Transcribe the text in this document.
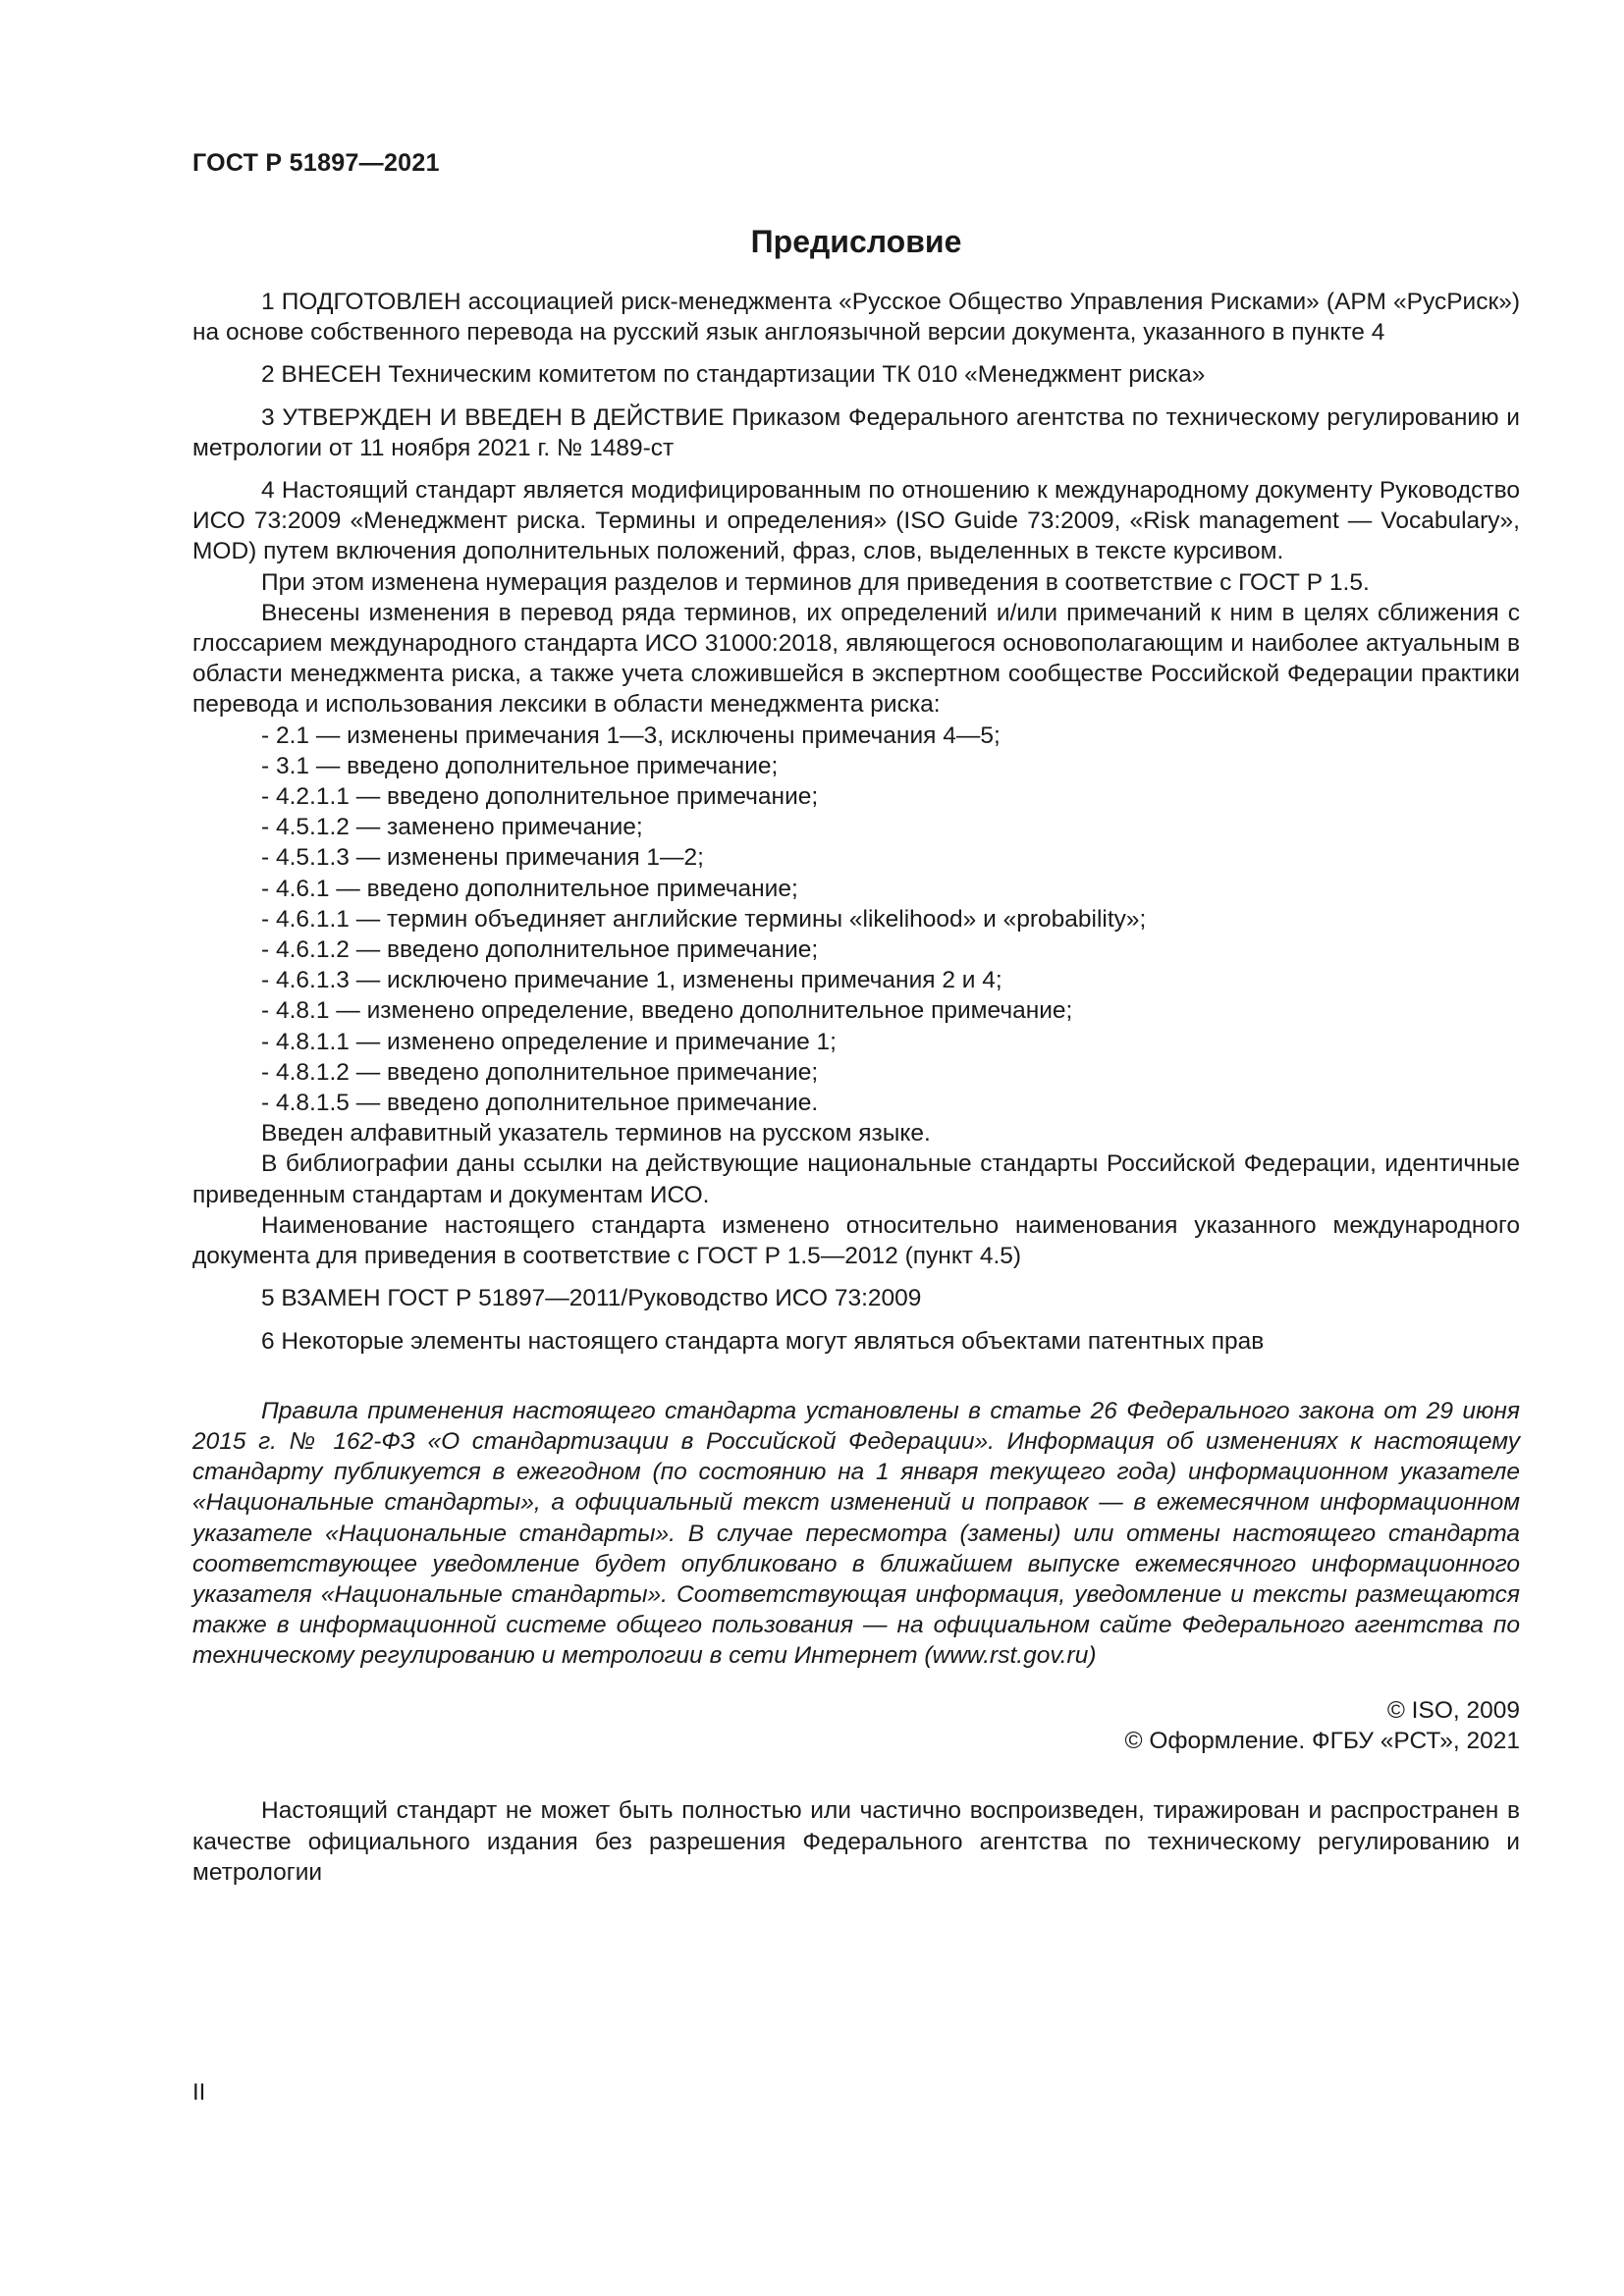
ГОСТ Р 51897—2021
Предисловие

1 ПОДГОТОВЛЕН ассоциацией риск-менеджмента «Русское Общество Управления Рисками» (АРМ «РусРиск») на основе собственного перевода на русский язык англоязычной версии документа, указанного в пункте 4

2 ВНЕСЕН Техническим комитетом по стандартизации ТК 010 «Менеджмент риска»

3 УТВЕРЖДЕН И ВВЕДЕН В ДЕЙСТВИЕ Приказом Федерального агентства по техническому регулированию и метрологии от 11 ноября 2021 г. № 1489-ст

4 Настоящий стандарт является модифицированным по отношению к международному документу Руководство ИСО 73:2009 «Менеджмент риска. Термины и определения» (ISO Guide 73:2009, «Risk management — Vocabulary», MOD) путем включения дополнительных положений, фраз, слов, выделенных в тексте курсивом.

При этом изменена нумерация разделов и терминов для приведения в соответствие с ГОСТ Р 1.5.

Внесены изменения в перевод ряда терминов, их определений и/или примечаний к ним в целях сближения с глоссарием международного стандарта ИСО 31000:2018, являющегося основополагающим и наиболее актуальным в области менеджмента риска, а также учета сложившейся в экспертном сообществе Российской Федерации практики перевода и использования лексики в области менеджмента риска:

- 2.1 — изменены примечания 1—3, исключены примечания 4—5;

- 3.1 — введено дополнительное примечание;

- 4.2.1.1 — введено дополнительное примечание;

- 4.5.1.2 — заменено примечание;

- 4.5.1.3 — изменены примечания 1—2;

- 4.6.1 — введено дополнительное примечание;

- 4.6.1.1 — термин объединяет английские термины «likelihood» и «probability»;

- 4.6.1.2 — введено дополнительное примечание;

- 4.6.1.3 — исключено примечание 1, изменены примечания 2 и 4;

- 4.8.1 — изменено определение, введено дополнительное примечание;

- 4.8.1.1 — изменено определение и примечание 1;

- 4.8.1.2 — введено дополнительное примечание;

- 4.8.1.5 — введено дополнительное примечание.

Введен алфавитный указатель терминов на русском языке.

В библиографии даны ссылки на действующие национальные стандарты Российской Федерации, идентичные приведенным стандартам и документам ИСО.

Наименование настоящего стандарта изменено относительно наименования указанного международного документа для приведения в соответствие с ГОСТ Р 1.5—2012 (пункт 4.5)

5 ВЗАМЕН ГОСТ Р 51897—2011/Руководство ИСО 73:2009

6 Некоторые элементы настоящего стандарта могут являться объектами патентных прав

Правила применения настоящего стандарта установлены в статье 26 Федерального закона от 29 июня 2015 г. № 162-ФЗ «О стандартизации в Российской Федерации». Информация об изменениях к настоящему стандарту публикуется в ежегодном (по состоянию на 1 января текущего года) информационном указателе «Национальные стандарты», а официальный текст изменений и поправок — в ежемесячном информационном указателе «Национальные стандарты». В случае пересмотра (замены) или отмены настоящего стандарта соответствующее уведомление будет опубликовано в ближайшем выпуске ежемесячного информационного указателя «Национальные стандарты». Соответствующая информация, уведомление и тексты размещаются также в информационной системе общего пользования — на официальном сайте Федерального агентства по техническому регулированию и метрологии в сети Интернет (www.rst.gov.ru)

© ISO, 2009
© Оформление. ФГБУ «РСТ», 2021

Настоящий стандарт не может быть полностью или частично воспроизведен, тиражирован и распространен в качестве официального издания без разрешения Федерального агентства по техническому регулированию и метрологии

II
